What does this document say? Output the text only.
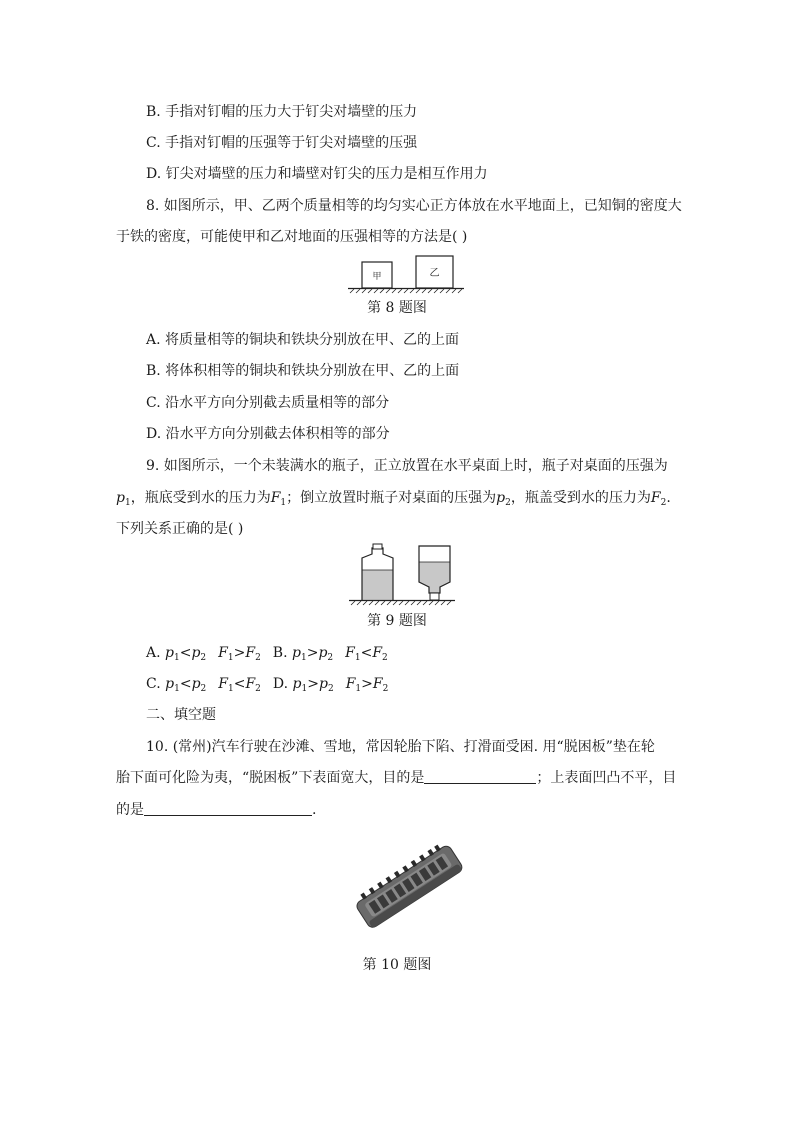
B. 手指对钉帽的压力大于钉尖对墙壁的压力
C. 手指对钉帽的压强等于钉尖对墙壁的压强
D. 钉尖对墙壁的压力和墙壁对钉尖的压力是相互作用力
8. 如图所示，甲、乙两个质量相等的均匀实心正方体放在水平地面上，已知铜的密度大
于铁的密度，可能使甲和乙对地面的压强相等的方法是( )
甲	乙
第 8 题图
A. 将质量相等的铜块和铁块分别放在甲、乙的上面
B. 将体积相等的铜块和铁块分别放在甲、乙的上面
C. 沿水平方向分别截去质量相等的部分
D. 沿水平方向分别截去体积相等的部分
9. 如图所示，一个未装满水的瓶子，正立放置在水平桌面上时，瓶子对桌面的压强为
$p_1$，瓶底受到水的压力为$F_1$；倒立放置时瓶子对桌面的压强为$p_2$，瓶盖受到水的压力为$F_2$.
下列关系正确的是( )
第 9 题图
A. $p_1<p_2$ $F_1>F_2$ B. $p_1>p_2$ $F_1<F_2$
C. $p_1<p_2$ $F_1<F_2$ D. $p_1>p_2$ $F_1>F_2$
二、填空题
10. (常州)汽车行驶在沙滩、雪地，常因轮胎下陷、打滑面受困. 用“脱困板”垫在轮
胎下面可化险为夷，“脱困板”下表面宽大，目的是	；上表面凹凸不平，目
的是	.
第 10 题图
